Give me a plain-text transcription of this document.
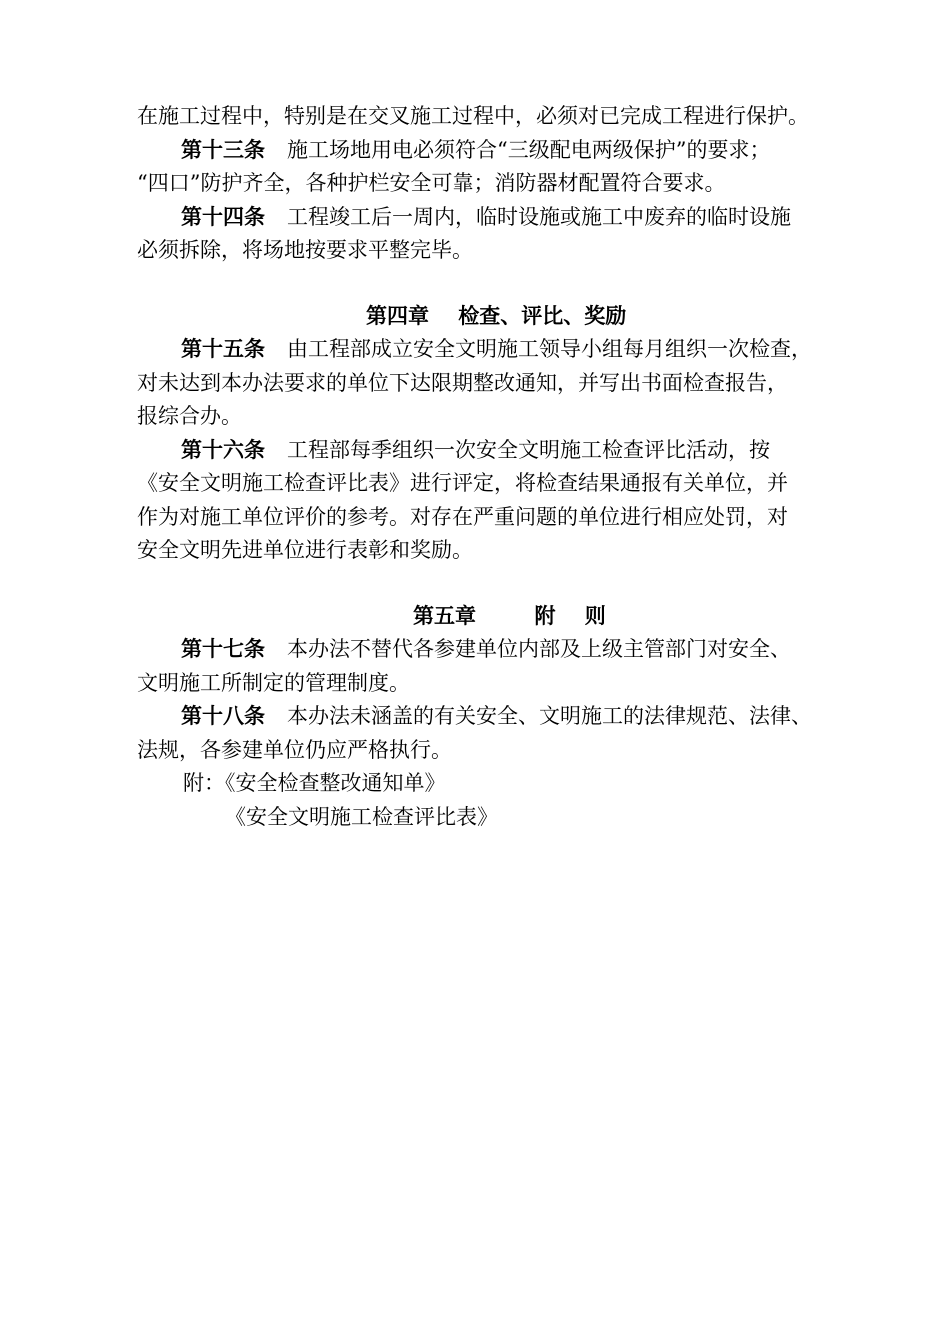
在施工过程中，特别是在交叉施工过程中，必须对已完成工程进行保护。
第十三条 施工场地用电必须符合“三级配电两级保护”的要求；
“四口”防护齐全，各种护栏安全可靠；消防器材配置符合要求。
第十四条 工程竣工后一周内，临时设施或施工中废弃的临时设施
必须拆除，将场地按要求平整完毕。
第四章    检查、评比、奖励
第十五条 由工程部成立安全文明施工领导小组每月组织一次检查，
对未达到本办法要求的单位下达限期整改通知，并写出书面检查报告，
报综合办。
第十六条 工程部每季组织一次安全文明施工检查评比活动，按
《安全文明施工检查评比表》进行评定，将检查结果通报有关单位，并
作为对施工单位评价的参考。对存在严重问题的单位进行相应处罚，对
安全文明先进单位进行表彰和奖励。
第五章        附    则
第十七条 本办法不替代各参建单位内部及上级主管部门对安全、
文明施工所制定的管理制度。
第十八条 本办法未涵盖的有关安全、文明施工的法律规范、法律、
法规，各参建单位仍应严格执行。
附：《安全检查整改通知单》
《安全文明施工检查评比表》
